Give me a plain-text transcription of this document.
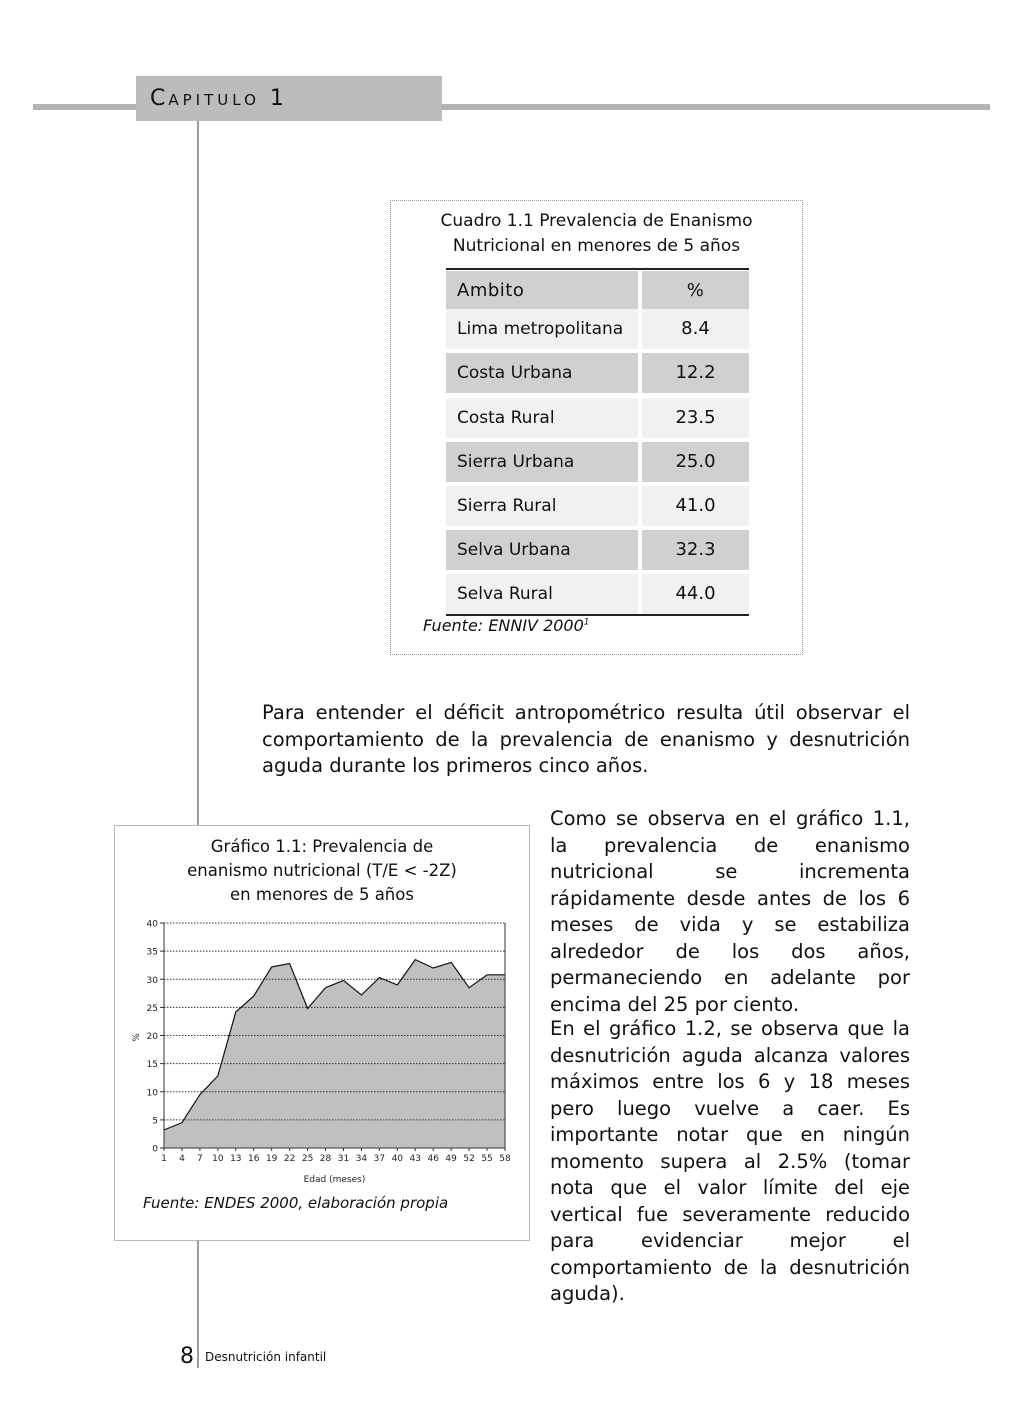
CAPITULO 1
Cuadro 1.1 Prevalencia de Enanismo
Nutricional en menores de 5 años
Ambito	%
Lima metropolitana	8.4
Costa Urbana	12.2
Costa Rural	23.5
Sierra Urbana	25.0
Sierra Rural	41.0
Selva Urbana	32.3
Selva Rural	44.0
Fuente: ENNIV 2000$^1$
Para entender el déficit antropométrico resulta útil observar el comportamiento de la prevalencia de enanismo y desnutrición aguda durante los primeros cinco años.
Como se observa en el gráfico 1.1, la prevalencia de enanismo nutricional se incrementa rápidamente desde antes de los 6 meses de vida y se estabiliza alrededor de los dos años, permaneciendo en adelante por encima del 25 por ciento.
En el gráfico 1.2, se observa que la desnutrición aguda alcanza valores máximos entre los 6 y 18 meses pero luego vuelve a caer. Es importante notar que en ningún momento supera al 2.5% (tomar nota que el valor límite del eje vertical fue severamente reducido para evidenciar mejor el comportamiento de la desnutrición aguda).
Gráfico 1.1: Prevalencia de
enanismo nutricional (T/E < -2Z)
en menores de 5 años
0
5
10
15
20
25
30
35
40
1 4 7 10 13 16 19 22 25 28 31 34 37 40 43 46 49 52 55 58
Edad (meses)
%
Fuente: ENDES 2000, elaboración propia
8 Desnutrición infantil
